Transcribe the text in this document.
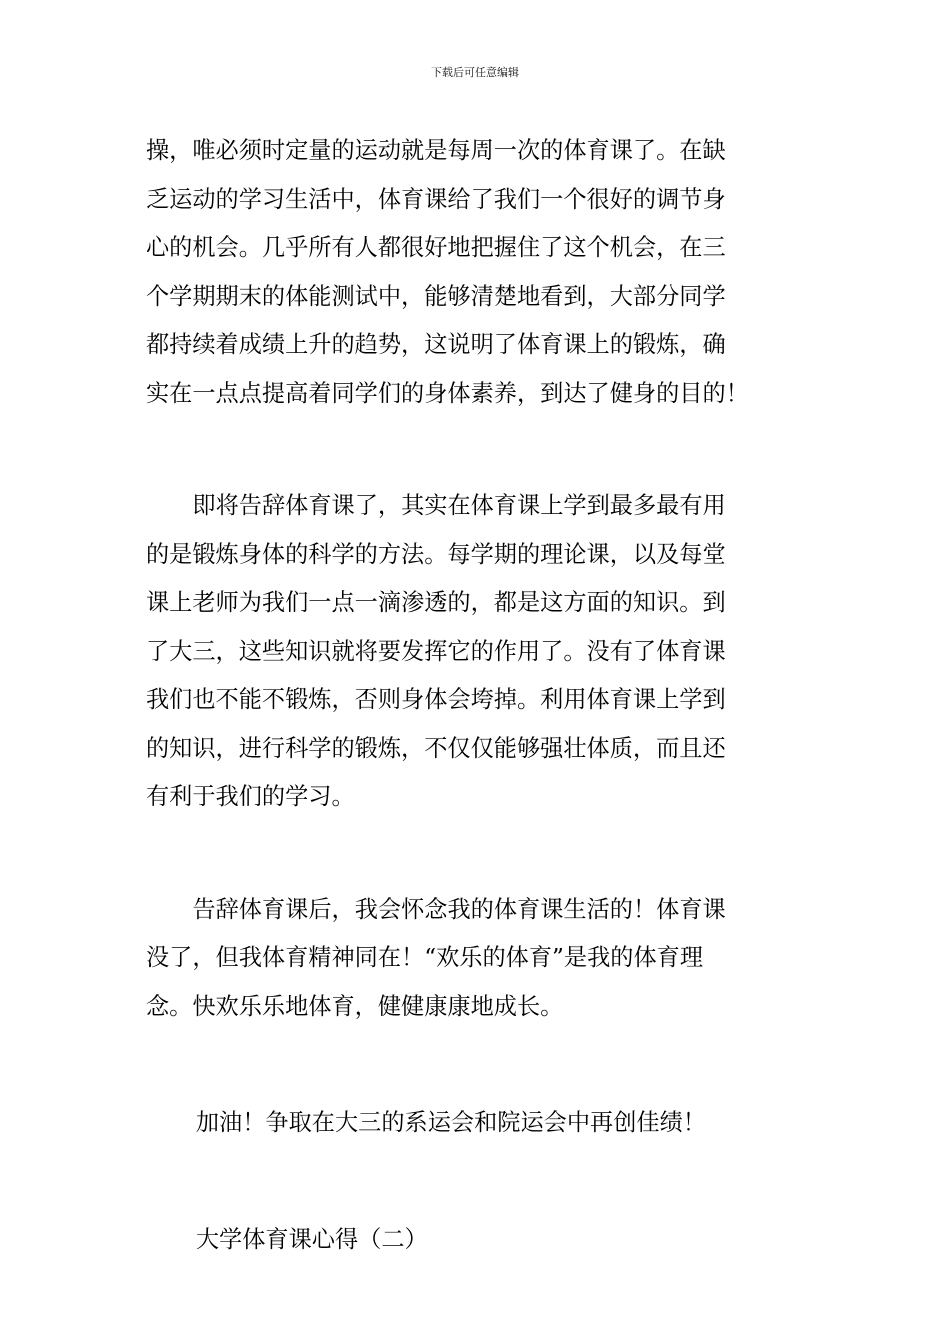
下载后可任意编辑

操，唯必须时定量的运动就是每周一次的体育课了。在缺
乏运动的学习生活中，体育课给了我们一个很好的调节身
心的机会。几乎所有人都很好地把握住了这个机会，在三
个学期期末的体能测试中，能够清楚地看到，大部分同学
都持续着成绩上升的趋势，这说明了体育课上的锻炼，确
实在一点点提高着同学们的身体素养，到达了健身的目的！

即将告辞体育课了，其实在体育课上学到最多最有用
的是锻炼身体的科学的方法。每学期的理论课，以及每堂
课上老师为我们一点一滴渗透的，都是这方面的知识。到
了大三，这些知识就将要发挥它的作用了。没有了体育课
我们也不能不锻炼，否则身体会垮掉。利用体育课上学到
的知识，进行科学的锻炼，不仅仅能够强壮体质，而且还
有利于我们的学习。

告辞体育课后，我会怀念我的体育课生活的！体育课
没了，但我体育精神同在！“欢乐的体育”是我的体育理
念。快欢乐乐地体育，健健康康地成长。

加油！争取在大三的系运会和院运会中再创佳绩！

大学体育课心得（二）
